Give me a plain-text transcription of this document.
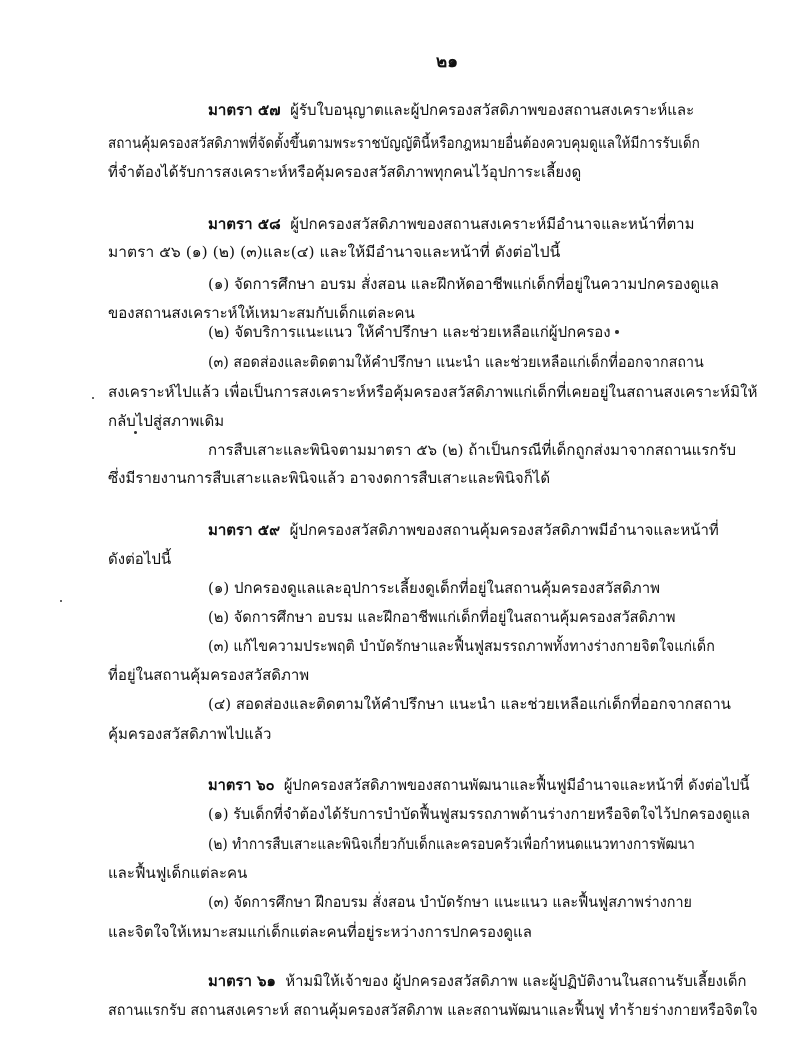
๒๑
มาตรา ๕๗ ผู้รับใบอนุญาตและผู้ปกครองสวัสดิภาพของสถานสงเคราะห์และ
สถานคุ้มครองสวัสดิภาพที่จัดตั้งขึ้นตามพระราชบัญญัตินี้หรือกฎหมายอื่นต้องควบคุมดูแลให้มีการรับเด็ก
ที่จำต้องได้รับการสงเคราะห์หรือคุ้มครองสวัสดิภาพทุกคนไว้อุปการะเลี้ยงดู
มาตรา ๕๘ ผู้ปกครองสวัสดิภาพของสถานสงเคราะห์มีอำนาจและหน้าที่ตาม
มาตรา ๕๖ (๑) (๒) (๓)และ(๔) และให้มีอำนาจและหน้าที่ ดังต่อไปนี้
(๑) จัดการศึกษา อบรม สั่งสอน และฝึกหัดอาชีพแก่เด็กที่อยู่ในความปกครองดูแล
ของสถานสงเคราะห์ให้เหมาะสมกับเด็กแต่ละคน
(๒) จัดบริการแนะแนว ให้คำปรึกษา และช่วยเหลือแก่ผู้ปกครอง
(๓) สอดส่องและติดตามให้คำปรึกษา แนะนำ และช่วยเหลือแก่เด็กที่ออกจากสถาน
สงเคราะห์ไปแล้ว เพื่อเป็นการสงเคราะห์หรือคุ้มครองสวัสดิภาพแก่เด็กที่เคยอยู่ในสถานสงเคราะห์มิให้
กลับไปสู่สภาพเดิม
การสืบเสาะและพินิจตามมาตรา ๕๖ (๒) ถ้าเป็นกรณีที่เด็กถูกส่งมาจากสถานแรกรับ
ซึ่งมีรายงานการสืบเสาะและพินิจแล้ว อาจงดการสืบเสาะและพินิจก็ได้
มาตรา ๕๙ ผู้ปกครองสวัสดิภาพของสถานคุ้มครองสวัสดิภาพมีอำนาจและหน้าที่
ดังต่อไปนี้
(๑) ปกครองดูแลและอุปการะเลี้ยงดูเด็กที่อยู่ในสถานคุ้มครองสวัสดิภาพ
(๒) จัดการศึกษา อบรม และฝึกอาชีพแก่เด็กที่อยู่ในสถานคุ้มครองสวัสดิภาพ
(๓) แก้ไขความประพฤติ บำบัดรักษาและฟื้นฟูสมรรถภาพทั้งทางร่างกายจิตใจแก่เด็ก
ที่อยู่ในสถานคุ้มครองสวัสดิภาพ
(๔) สอดส่องและติดตามให้คำปรึกษา แนะนำ และช่วยเหลือแก่เด็กที่ออกจากสถาน
คุ้มครองสวัสดิภาพไปแล้ว
มาตรา ๖๐ ผู้ปกครองสวัสดิภาพของสถานพัฒนาและฟื้นฟูมีอำนาจและหน้าที่ ดังต่อไปนี้
(๑) รับเด็กที่จำต้องได้รับการบำบัดฟื้นฟูสมรรถภาพด้านร่างกายหรือจิตใจไว้ปกครองดูแล
(๒) ทำการสืบเสาะและพินิจเกี่ยวกับเด็กและครอบครัวเพื่อกำหนดแนวทางการพัฒนา
และฟื้นฟูเด็กแต่ละคน
(๓) จัดการศึกษา ฝึกอบรม สั่งสอน บำบัดรักษา แนะแนว และฟื้นฟูสภาพร่างกาย
และจิตใจให้เหมาะสมแก่เด็กแต่ละคนที่อยู่ระหว่างการปกครองดูแล
มาตรา ๖๑ ห้ามมิให้เจ้าของ ผู้ปกครองสวัสดิภาพ และผู้ปฏิบัติงานในสถานรับเลี้ยงเด็ก
สถานแรกรับ สถานสงเคราะห์ สถานคุ้มครองสวัสดิภาพ และสถานพัฒนาและฟื้นฟู ทำร้ายร่างกายหรือจิตใจ
